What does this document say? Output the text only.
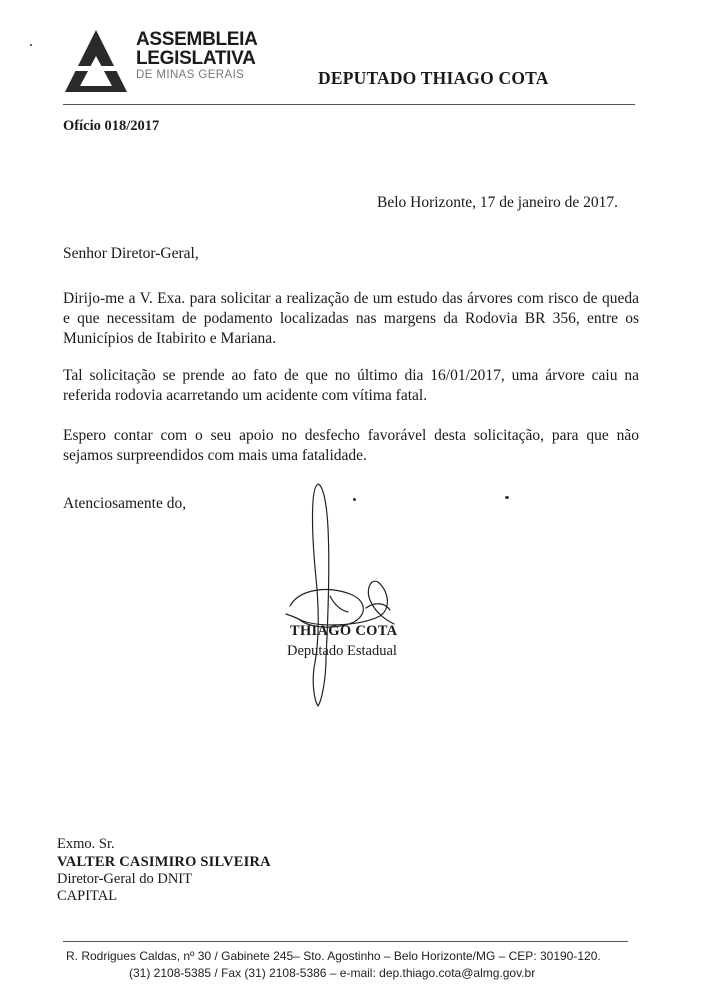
ASSEMBLEIA
LEGISLATIVA
DE MINAS GERAIS	DEPUTADO THIAGO COTA
Ofício 018/2017
Belo Horizonte, 17 de janeiro de 2017.
Senhor Diretor-Geral,
Dirijo-me a V. Exa. para solicitar a realização de um estudo das árvores com risco de queda e que necessitam de podamento localizadas nas margens da Rodovia BR 356, entre os Municípios de Itabirito e Mariana.
Tal solicitação se prende ao fato de que no último dia 16/01/2017, uma árvore caiu na referida rodovia acarretando um acidente com vítima fatal.
Espero contar com o seu apoio no desfecho favorável desta solicitação, para que não sejamos surpreendidos com mais uma fatalidade.
Atenciosamente do,
THIAGO COTA
Deputado Estadual
Exmo. Sr.
VALTER CASIMIRO SILVEIRA
Diretor-Geral do DNIT
CAPITAL
R. Rodrigues Caldas, nº 30 / Gabinete 245– Sto. Agostinho – Belo Horizonte/MG – CEP: 30190-120.
(31) 2108-5385 / Fax (31) 2108-5386 – e-mail: dep.thiago.cota@almg.gov.br
